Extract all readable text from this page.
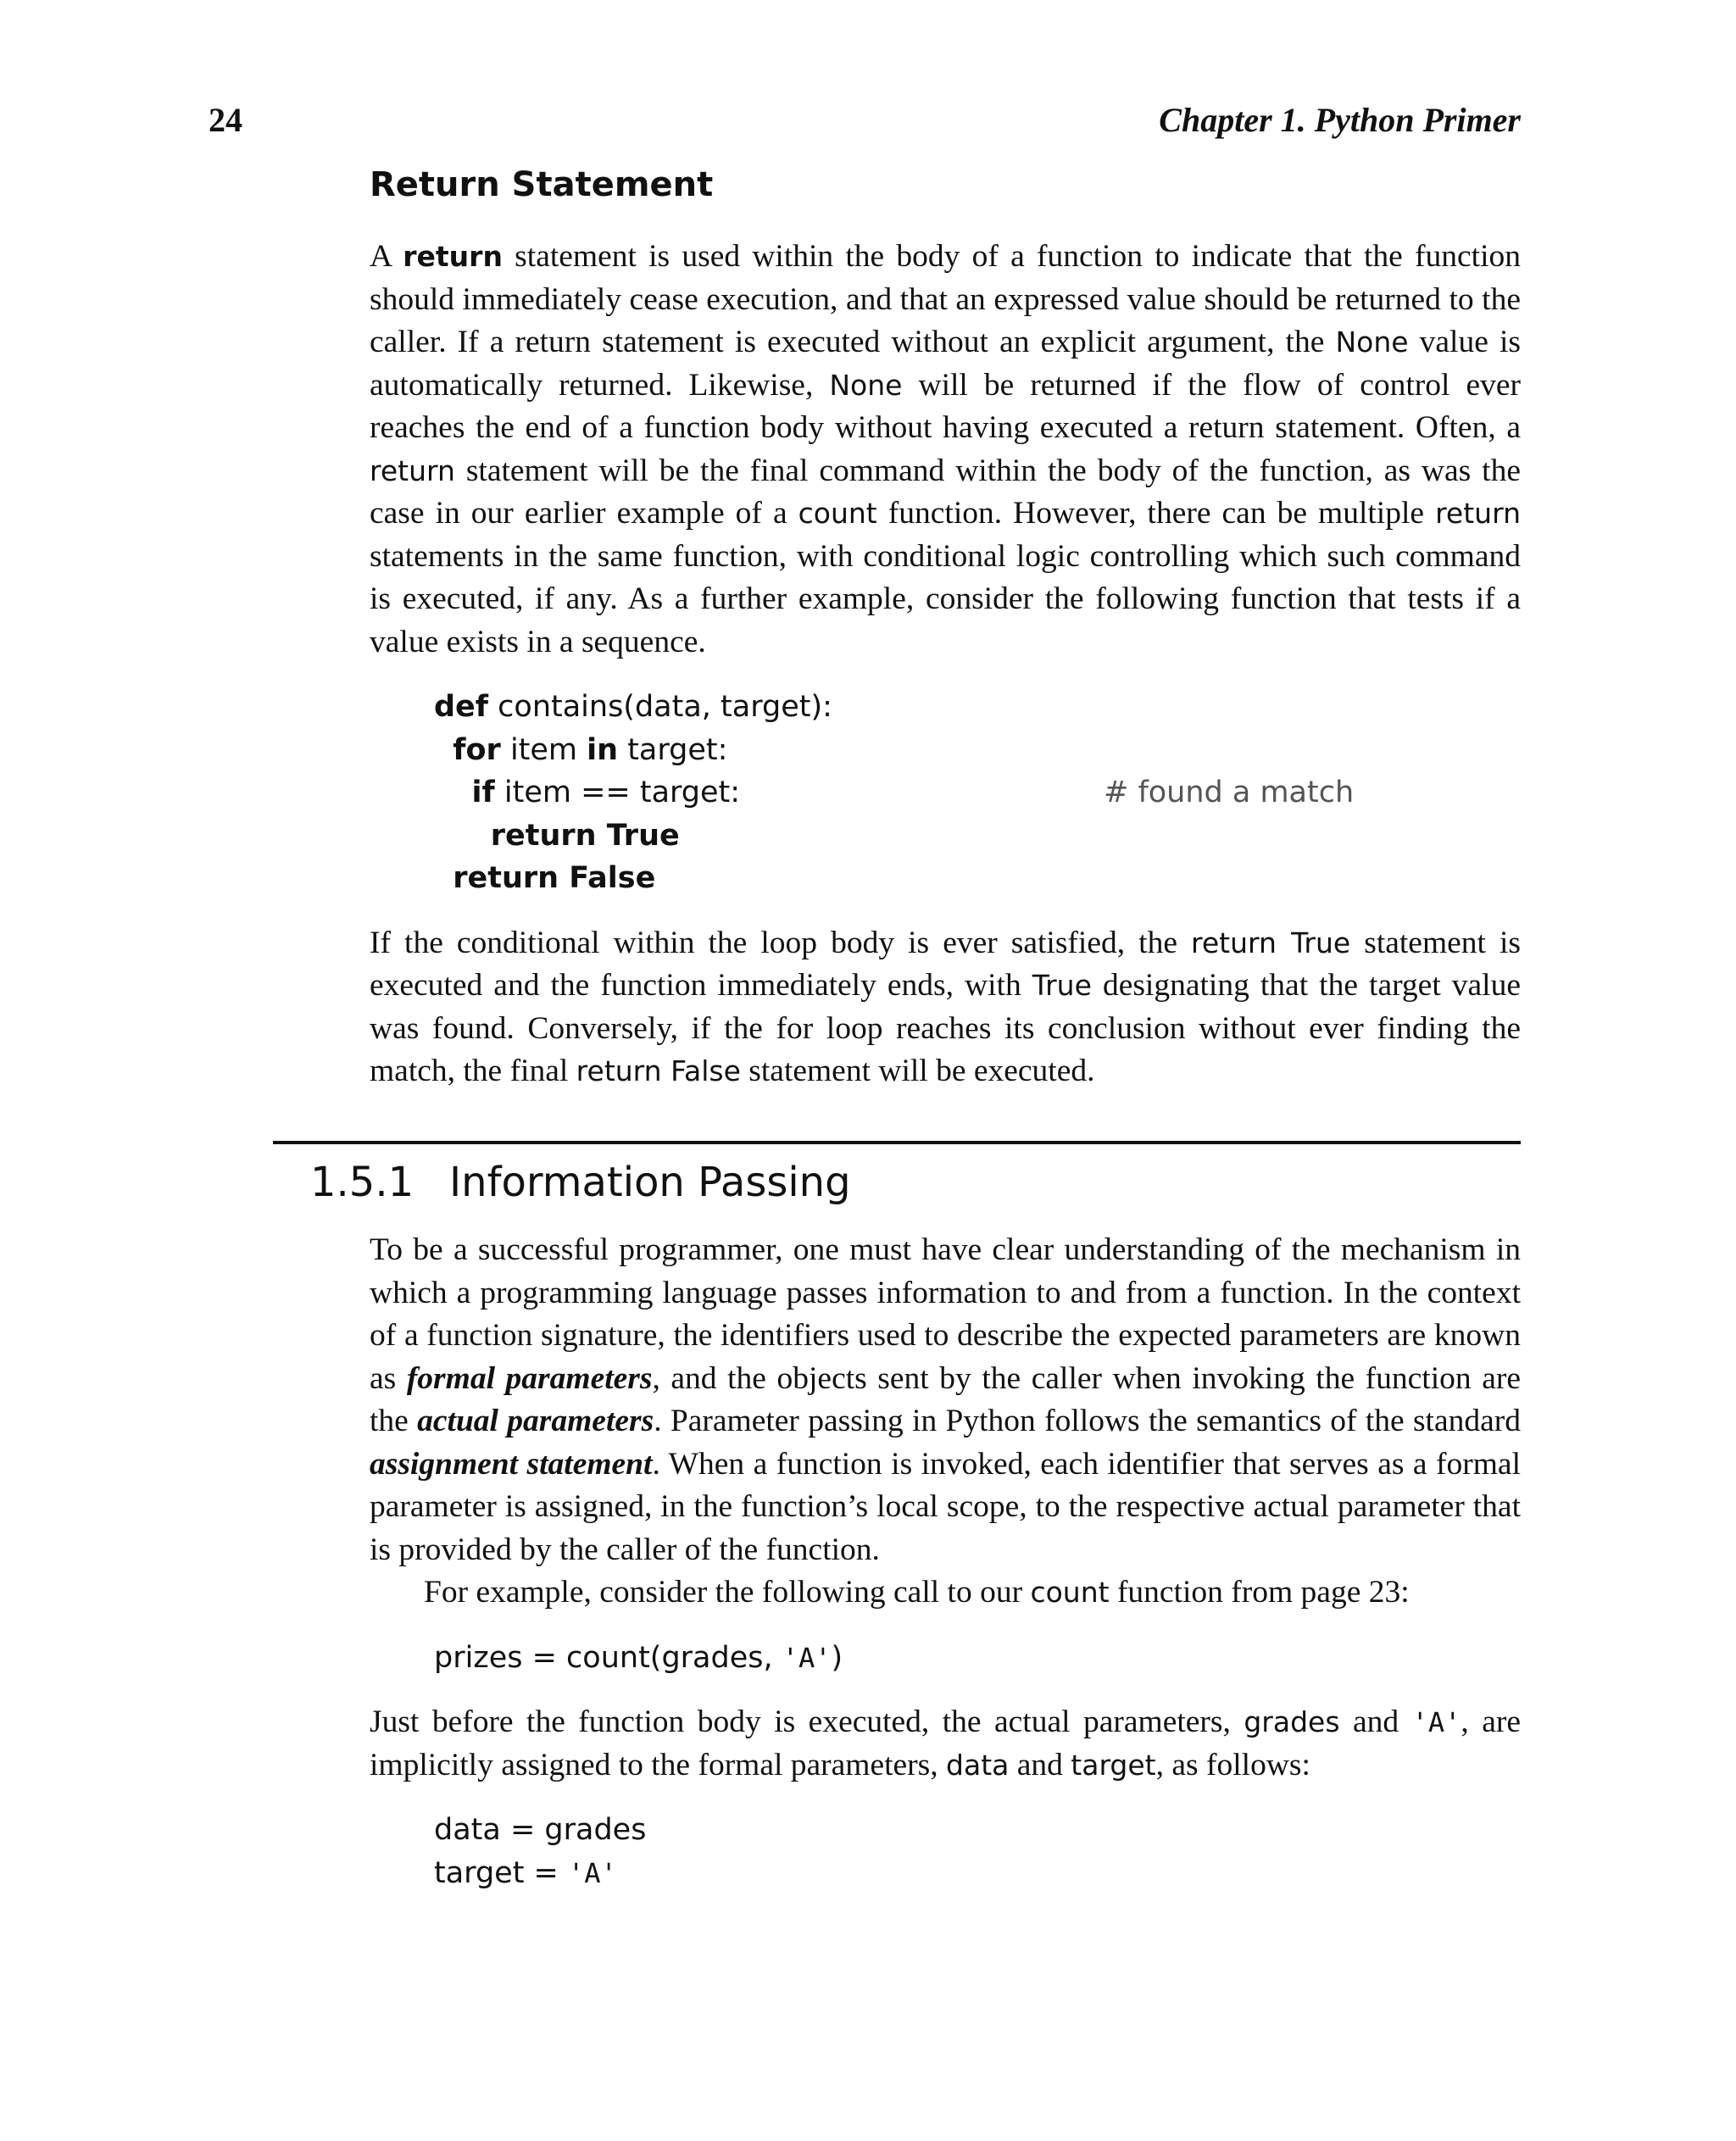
24	Chapter 1. Python Primer
Return Statement

A return statement is used within the body of a function to indicate that the function should immediately cease execution, and that an expressed value should be returned to the caller. If a return statement is executed without an explicit argument, the None value is automatically returned. Likewise, None will be returned if the flow of control ever reaches the end of a function body without having executed a return statement. Often, a return statement will be the final command within the body of the function, as was the case in our earlier example of a count function. However, there can be multiple return statements in the same function, with conditional logic controlling which such command is executed, if any. As a further example, consider the following function that tests if a value exists in a sequence.

def contains(data, target):
for item in target:
if item == target:	# found a match
return True
return False

If the conditional within the loop body is ever satisfied, the return True statement is executed and the function immediately ends, with True designating that the target value was found. Conversely, if the for loop reaches its conclusion without ever finding the match, the final return False statement will be executed.

1.5.1 Information Passing

To be a successful programmer, one must have clear understanding of the mechanism in which a programming language passes information to and from a function. In the context of a function signature, the identifiers used to describe the expected parameters are known as formal parameters, and the objects sent by the caller when invoking the function are the actual parameters. Parameter passing in Python follows the semantics of the standard assignment statement. When a function is invoked, each identifier that serves as a formal parameter is assigned, in the function’s local scope, to the respective actual parameter that is provided by the caller of the function.

For example, consider the following call to our count function from page 23:

prizes = count(grades, 'A')

Just before the function body is executed, the actual parameters, grades and 'A', are implicitly assigned to the formal parameters, data and target, as follows:

data = grades
target = 'A'
